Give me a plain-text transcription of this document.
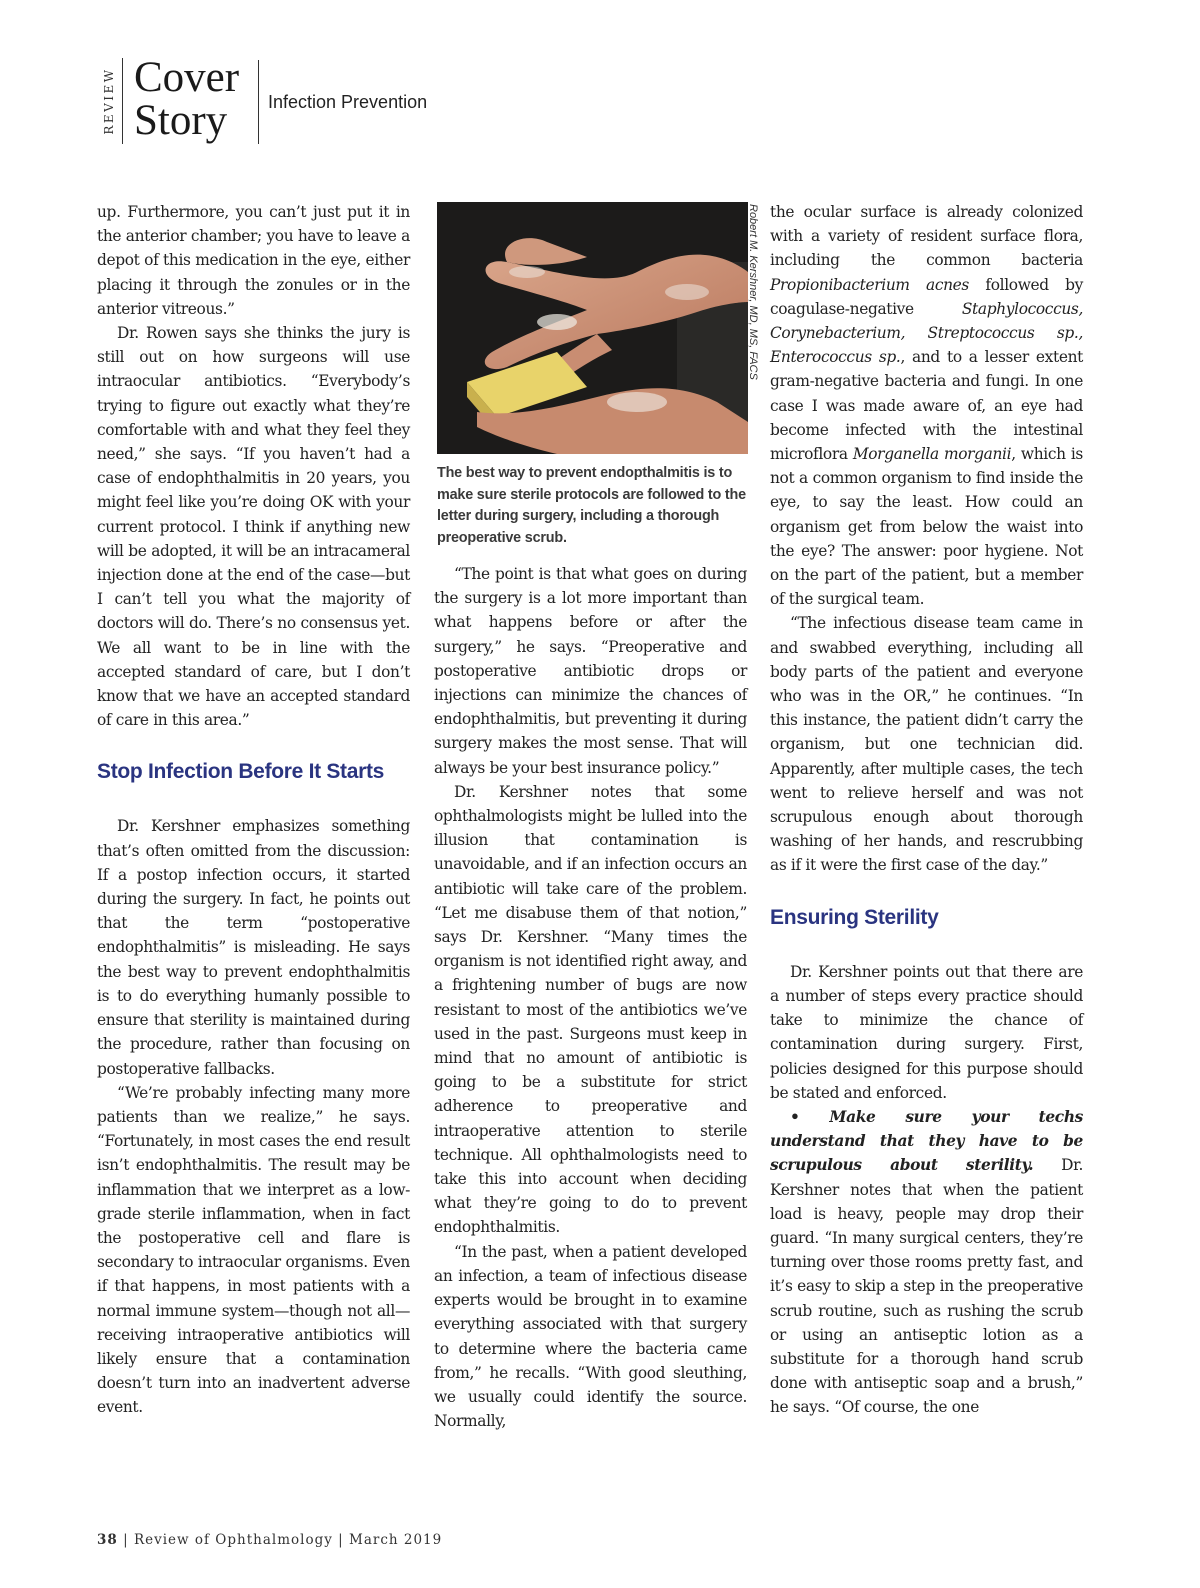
REVIEW Cover
Story	Infection Prevention

up. Furthermore, you can’t just put it in the anterior chamber; you have to leave a depot of this medication in the eye, either placing it through the zonules or in the anterior vitreous.”

Dr. Rowen says she thinks the jury is still out on how surgeons will use intraocular antibiotics. “Everybody’s trying to figure out exactly what they’re comfortable with and what they feel they need,” she says. “If you haven’t had a case of endophthalmitis in 20 years, you might feel like you’re doing OK with your current protocol. I think if anything new will be adopted, it will be an intracameral injection done at the end of the case—but I can’t tell you what the majority of doctors will do. There’s no consensus yet. We all want to be in line with the accepted standard of care, but I don’t know that we have an accepted standard of care in this area.”

Stop Infection Before It Starts

Dr. Kershner emphasizes something that’s often omitted from the discussion: If a postop infection occurs, it started during the surgery. In fact, he points out that the term “postoperative endophthalmitis” is misleading. He says the best way to prevent endophthalmitis is to do everything humanly possible to ensure that sterility is maintained during the procedure, rather than focusing on postoperative fallbacks.

“We’re probably infecting many more patients than we realize,” he says. “Fortunately, in most cases the end result isn’t endophthalmitis. The result may be inflammation that we interpret as a low-grade sterile inflammation, when in fact the postoperative cell and flare is secondary to intraocular organisms. Even if that happens, in most patients with a normal immune system—though not all—receiving intraoperative antibiotics will likely ensure that a contamination doesn’t turn into an inadvertent adverse event.

Robert M. Kershner, MD, MS, FACS
The best way to prevent endopthalmitis is to make sure sterile protocols are followed to the letter during surgery, including a thorough preoperative scrub.

“The point is that what goes on during the surgery is a lot more important than what happens before or after the surgery,” he says. “Preoperative and postoperative antibiotic drops or injections can minimize the chances of endophthalmitis, but preventing it during surgery makes the most sense. That will always be your best insurance policy.”

Dr. Kershner notes that some ophthalmologists might be lulled into the illusion that contamination is unavoidable, and if an infection occurs an antibiotic will take care of the problem. “Let me disabuse them of that notion,” says Dr. Kershner. “Many times the organism is not identified right away, and a frightening number of bugs are now resistant to most of the antibiotics we’ve used in the past. Surgeons must keep in mind that no amount of antibiotic is going to be a substitute for strict adherence to preoperative and intraoperative attention to sterile technique. All ophthalmologists need to take this into account when deciding what they’re going to do to prevent endophthalmitis.

“In the past, when a patient developed an infection, a team of infectious disease experts would be brought in to examine everything associated with that surgery to determine where the bacteria came from,” he recalls. “With good sleuthing, we usually could identify the source. Normally,

the ocular surface is already colonized with a variety of resident surface flora, including the common bacteria Propionibacterium acnes followed by coagulase-negative Staphylococcus, Corynebacterium, Streptococcus sp., Enterococcus sp., and to a lesser extent gram-negative bacteria and fungi. In one case I was made aware of, an eye had become infected with the intestinal microflora Morganella morganii, which is not a common organism to find inside the eye, to say the least. How could an organism get from below the waist into the eye? The answer: poor hygiene. Not on the part of the patient, but a member of the surgical team.

“The infectious disease team came in and swabbed everything, including all body parts of the patient and everyone who was in the OR,” he continues. “In this instance, the patient didn’t carry the organism, but one technician did. Apparently, after multiple cases, the tech went to relieve herself and was not scrupulous enough about thorough washing of her hands, and rescrubbing as if it were the first case of the day.”

Ensuring Sterility

Dr. Kershner points out that there are a number of steps every practice should take to minimize the chance of contamination during surgery. First, policies designed for this purpose should be stated and enforced.

• Make sure your techs understand that they have to be scrupulous about sterility. Dr. Kershner notes that when the patient load is heavy, people may drop their guard. “In many surgical centers, they’re turning over those rooms pretty fast, and it’s easy to skip a step in the preoperative scrub routine, such as rushing the scrub or using an antiseptic lotion as a substitute for a thorough hand scrub done with antiseptic soap and a brush,” he says. “Of course, the one

38 | Review of Ophthalmology | March 2019
